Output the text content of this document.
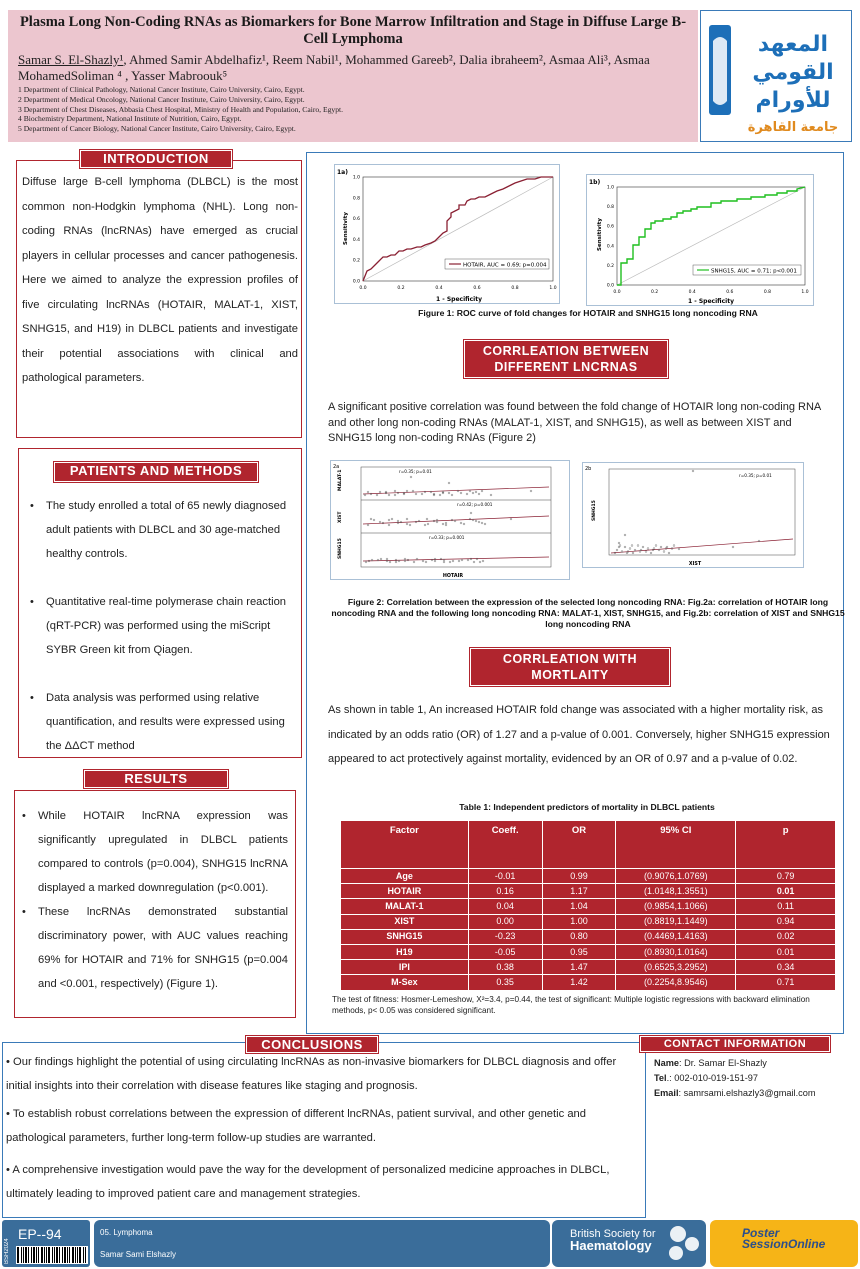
Plasma Long Non-Coding RNAs as Biomarkers for Bone Marrow Infiltration and Stage in Diffuse Large B-Cell Lymphoma
Samar S. El-Shazly¹, Ahmed Samir Abdelhafiz¹, Reem Nabil¹, Mohammed Gareeb², Dalia ibraheem², Asmaa Ali³, Asmaa MohamedSoliman ⁴ , Yasser Mabroouk⁵
1 Department of Clinical Pathology, National Cancer Institute, Cairo University, Cairo, Egypt.
2 Department of Medical Oncology, National Cancer Institute, Cairo University, Cairo, Egypt.
3 Department of Chest Diseases, Abbasia Chest Hospital, Ministry of Health and Population, Cairo, Egypt.
4 Biochemistry Department, National Institute of Nutrition, Cairo, Egypt.
5 Department of Cancer Biology, National Cancer Institute, Cairo University, Cairo, Egypt.
المعهد
القومي
للأورام
جامعة القاهرة
INTRODUCTION
Diffuse large B-cell lymphoma (DLBCL) is the most common non-Hodgkin lymphoma (NHL). Long non-coding RNAs (lncRNAs) have emerged as crucial players in cellular processes and cancer pathogenesis. Here we aimed to analyze the expression profiles of five circulating lncRNAs (HOTAIR, MALAT-1, XIST, SNHG15, and H19) in DLBCL patients and investigate their potential associations with clinical and pathological parameters.
PATIENTS AND METHODS
• The study enrolled a total of 65 newly diagnosed adult patients with DLBCL and 30 age-matched healthy controls.
• Quantitative real-time polymerase chain reaction (qRT-PCR) was performed using the miScript SYBR Green kit from Qiagen.
• Data analysis was performed using relative quantification, and results were expressed using the ΔΔCT method
RESULTS
• While HOTAIR lncRNA expression was significantly upregulated in DLBCL patients compared to controls (p=0.004), SNHG15 lncRNA displayed a marked downregulation (p<0.001).
• These lncRNAs demonstrated substantial discriminatory power, with AUC values reaching 69% for HOTAIR and 71% for SNHG15 (p=0.004 and <0.001, respectively) (Figure 1).
1a)
HOTAIR, AUC = 0.69; p=0.004
Sensitivity
1 - Specificity
0.0
0.0
0.2
0.2
0.4
0.4
0.6
0.6
0.8
0.8
1.0
1.0
1b)
SNHG15, AUC = 0.71; p<0.001
Sensitivity
1 - Specificity
0.0
0.0
0.2
0.2
0.4
0.4
0.6
0.6
0.8
0.8
1.0
1.0
Figure 1: ROC curve of fold changes for HOTAIR and SNHG15 long noncoding RNA
CORRLEATION BETWEEN DIFFERENT LNCRNAS
A significant positive correlation was found between the fold change of HOTAIR long non-coding RNA and other long non-coding RNAs (MALAT-1, XIST, and SNHG15), as well as between XIST and SNHG15 long non-coding RNAs (Figure 2)
2a
MALAT-1
XIST
SNHG15
r=0.35; p=0.01
r=0.42; p=0.001
r=0.33; p=0.001
HOTAIR
2b
SNHG15
XIST
r=0.35; p=0.01
Figure 2: Correlation between the expression of the selected long noncoding RNA: Fig.2a: correlation of HOTAIR long noncoding RNA and the following long noncoding RNA: MALAT-1, XIST, SNHG15, and Fig.2b: correlation of XIST and SNHG15 long noncoding RNA
CORRLEATION WITH MORTLAITY
As shown in table 1, An increased HOTAIR fold change was associated with a higher mortality risk, as indicated by an odds ratio (OR) of 1.27 and a p-value of 0.001. Conversely, higher SNHG15 expression appeared to act protectively against mortality, evidenced by an OR of 0.97 and a p-value of 0.02.
Table 1: Independent predictors of mortality in DLBCL patients
Factor	Coeff.	OR	95% CI	p
Age	-0.01	0.99	(0.9076,1.0769)	0.79
HOTAIR	0.16	1.17	(1.0148,1.3551)	0.01
MALAT-1	0.04	1.04	(0.9854,1.1066)	0.11
XIST	0.00	1.00	(0.8819,1.1449)	0.94
SNHG15	-0.23	0.80	(0.4469,1.4163)	0.02
H19	-0.05	0.95	(0.8930,1.0164)	0.01
IPI	0.38	1.47	(0.6525,3.2952)	0.34
M-Sex	0.35	1.42	(0.2254,8.9546)	0.71
The test of fitness: Hosmer-Lemeshow, X²=3.4, p=0.44, the test of significant: Multiple logistic regressions with backward elimination methods, p< 0.05 was considered significant.
CONCLUSIONS
• Our findings highlight the potential of using circulating lncRNAs as non-invasive biomarkers for DLBCL diagnosis and offer initial insights into their correlation with disease features like staging and prognosis.
• To establish robust correlations between the expression of different lncRNAs, patient survival, and other genetic and pathological parameters, further long-term follow-up studies are warranted.
• A comprehensive investigation would pave the way for the development of personalized medicine approaches in DLBCL, ultimately leading to improved patient care and management strategies.
CONTACT INFORMATION
Name: Dr. Samar El-Shazly
Tel.: 002-010-019-151-97
Email: samrsami.elshazly3@gmail.com
EP--94
BSH2024
05. Lymphoma
Samar Sami Elshazly
British Society for
Haematology
Poster
SessionOnline
